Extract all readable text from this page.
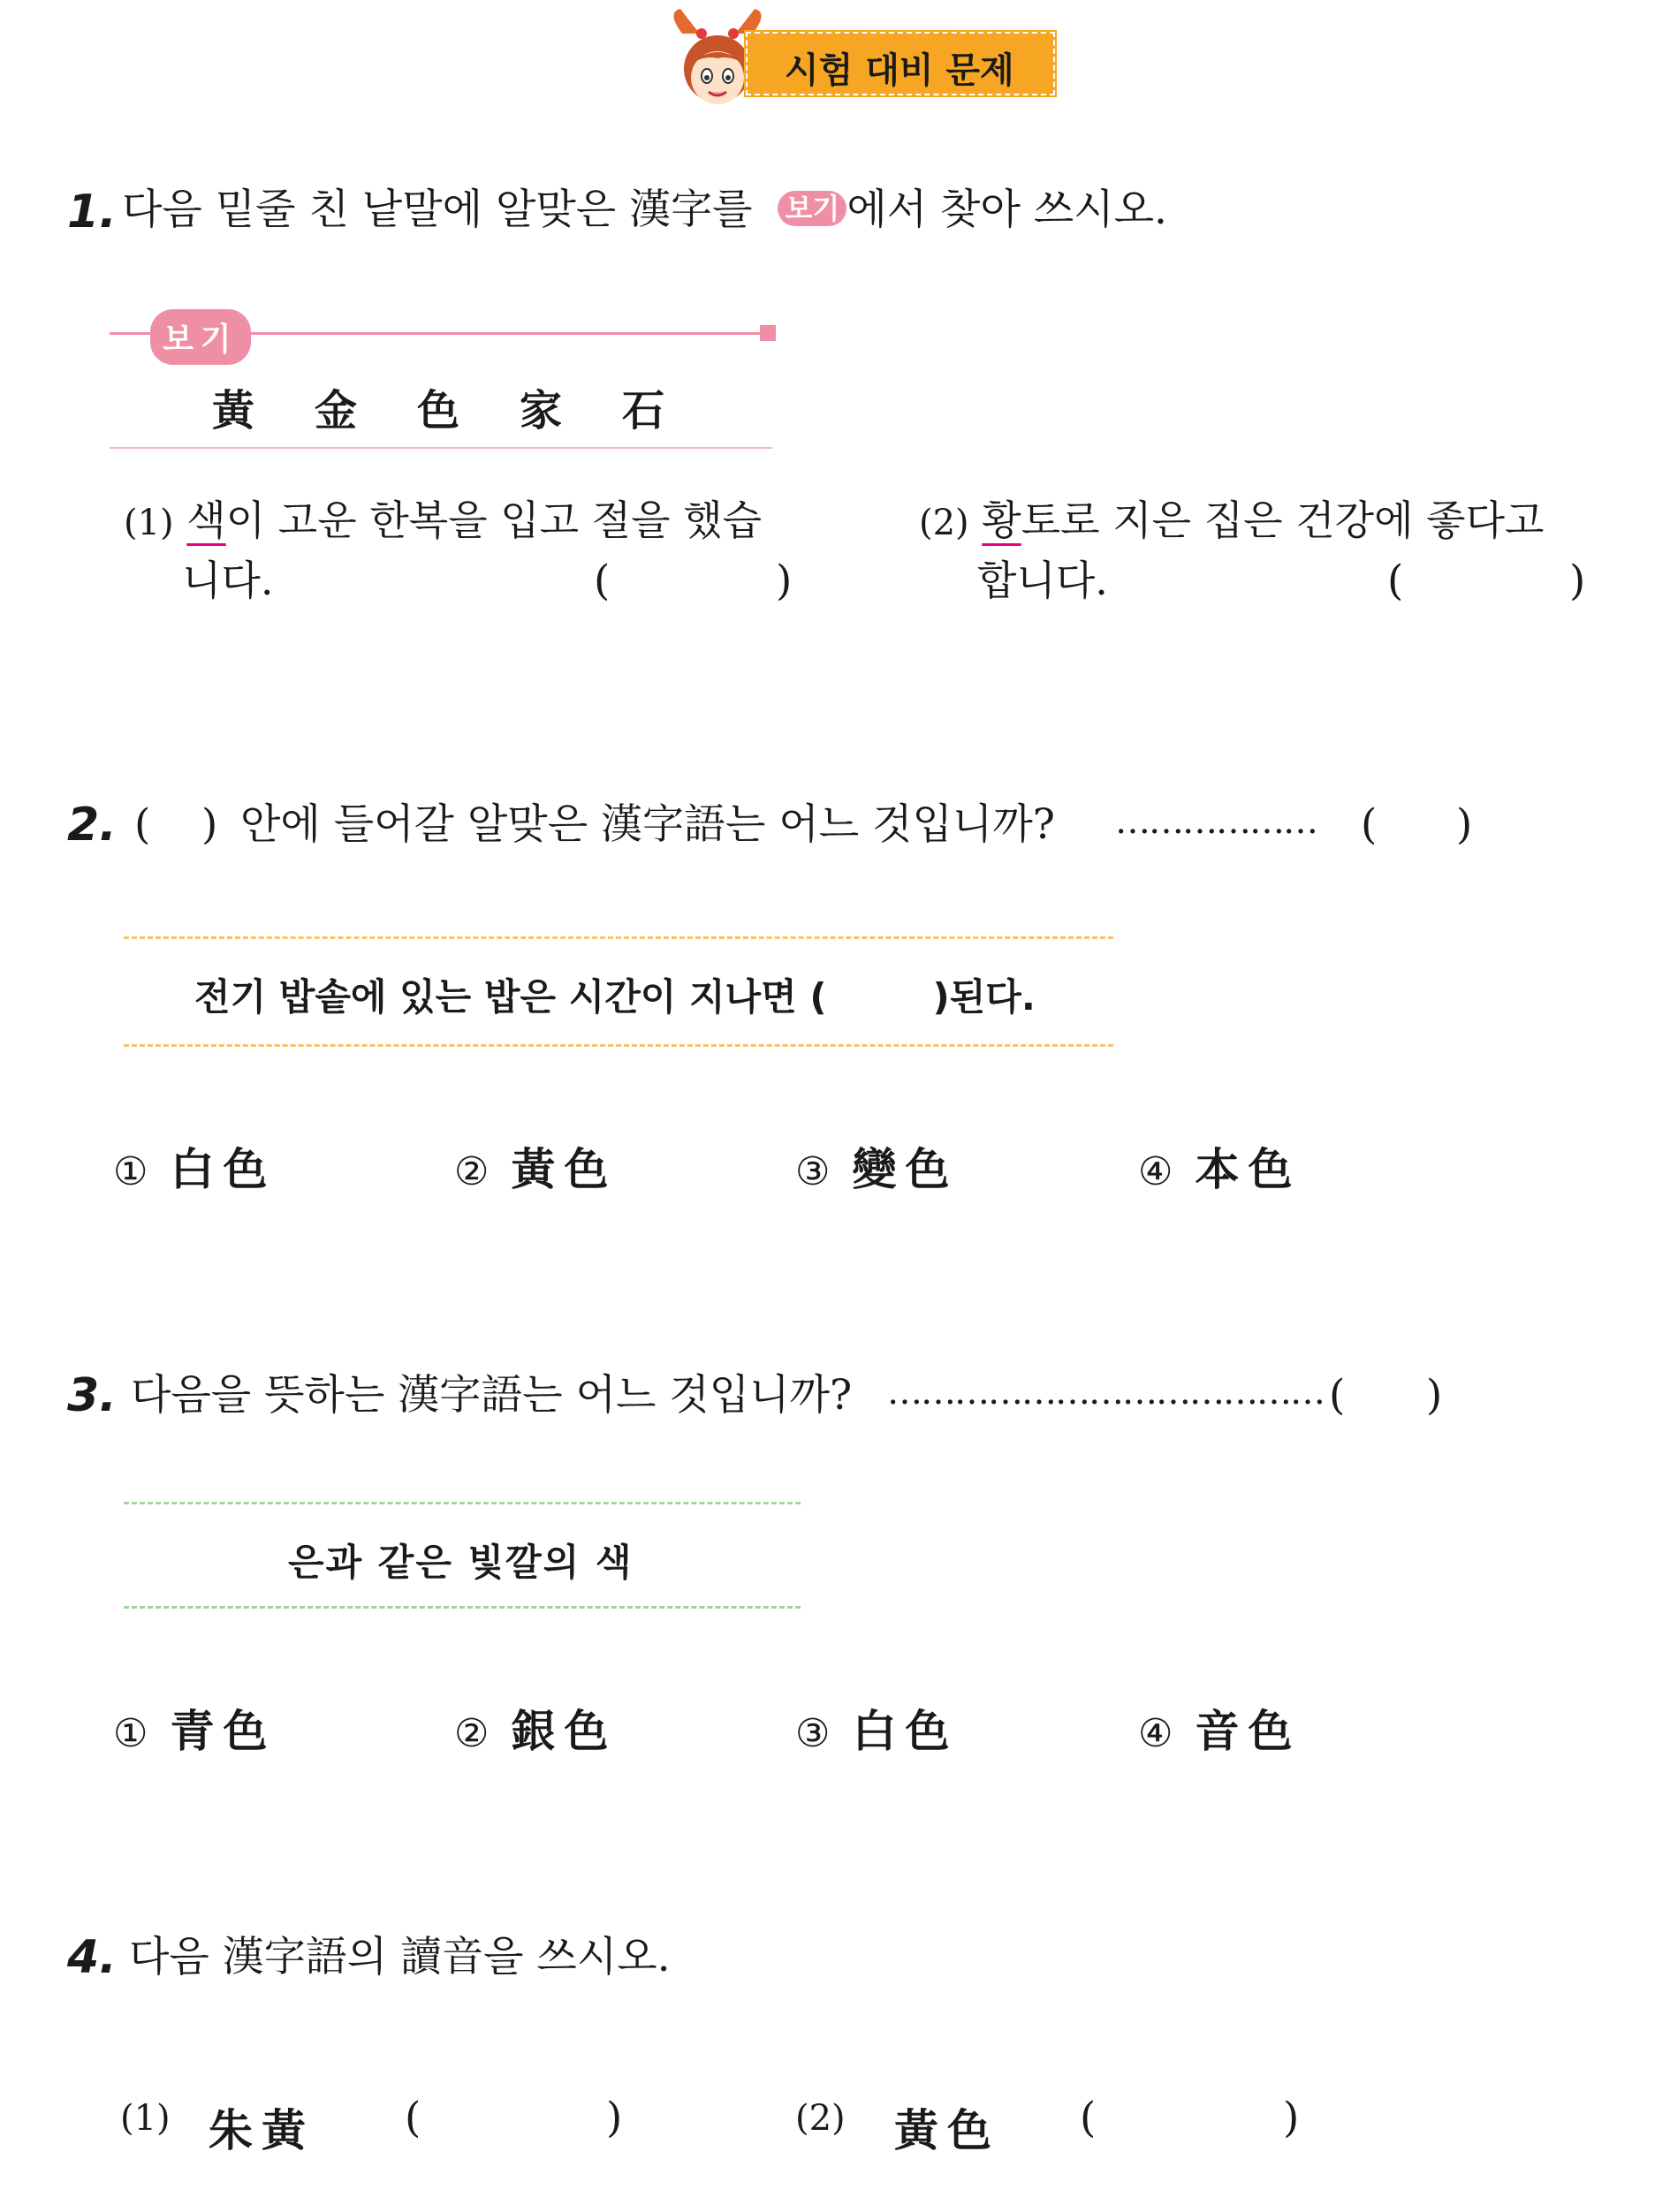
시험 대비 문제
1. 다음 밑줄 친 낱말에 알맞은 漢字를 보기 에서 찾아 쓰시오.
보기
黃 金 色 家 石
(1) 색이 고운 한복을 입고 절을 했습
니다.	(	)
(2) 황토로 지은 집은 건강에 좋다고
합니다.	(	)
2. ( ) 안에 들어갈 알맞은 漢字語는 어느 것입니까? ……………… ( )
전기 밥솥에 있는 밥은 시간이 지나면 (	)된다.
① 白色	② 黃色	③ 變色	④ 本色
3. 다음을 뜻하는 漢字語는 어느 것입니까? ………………………………… ( )
은과 같은 빛깔의 색
① 青色	② 銀色	③ 白色	④ 音色
4. 다음 漢字語의 讀音을 쓰시오.
(1) 朱黃 (	)	(2) 黃色 (	)
